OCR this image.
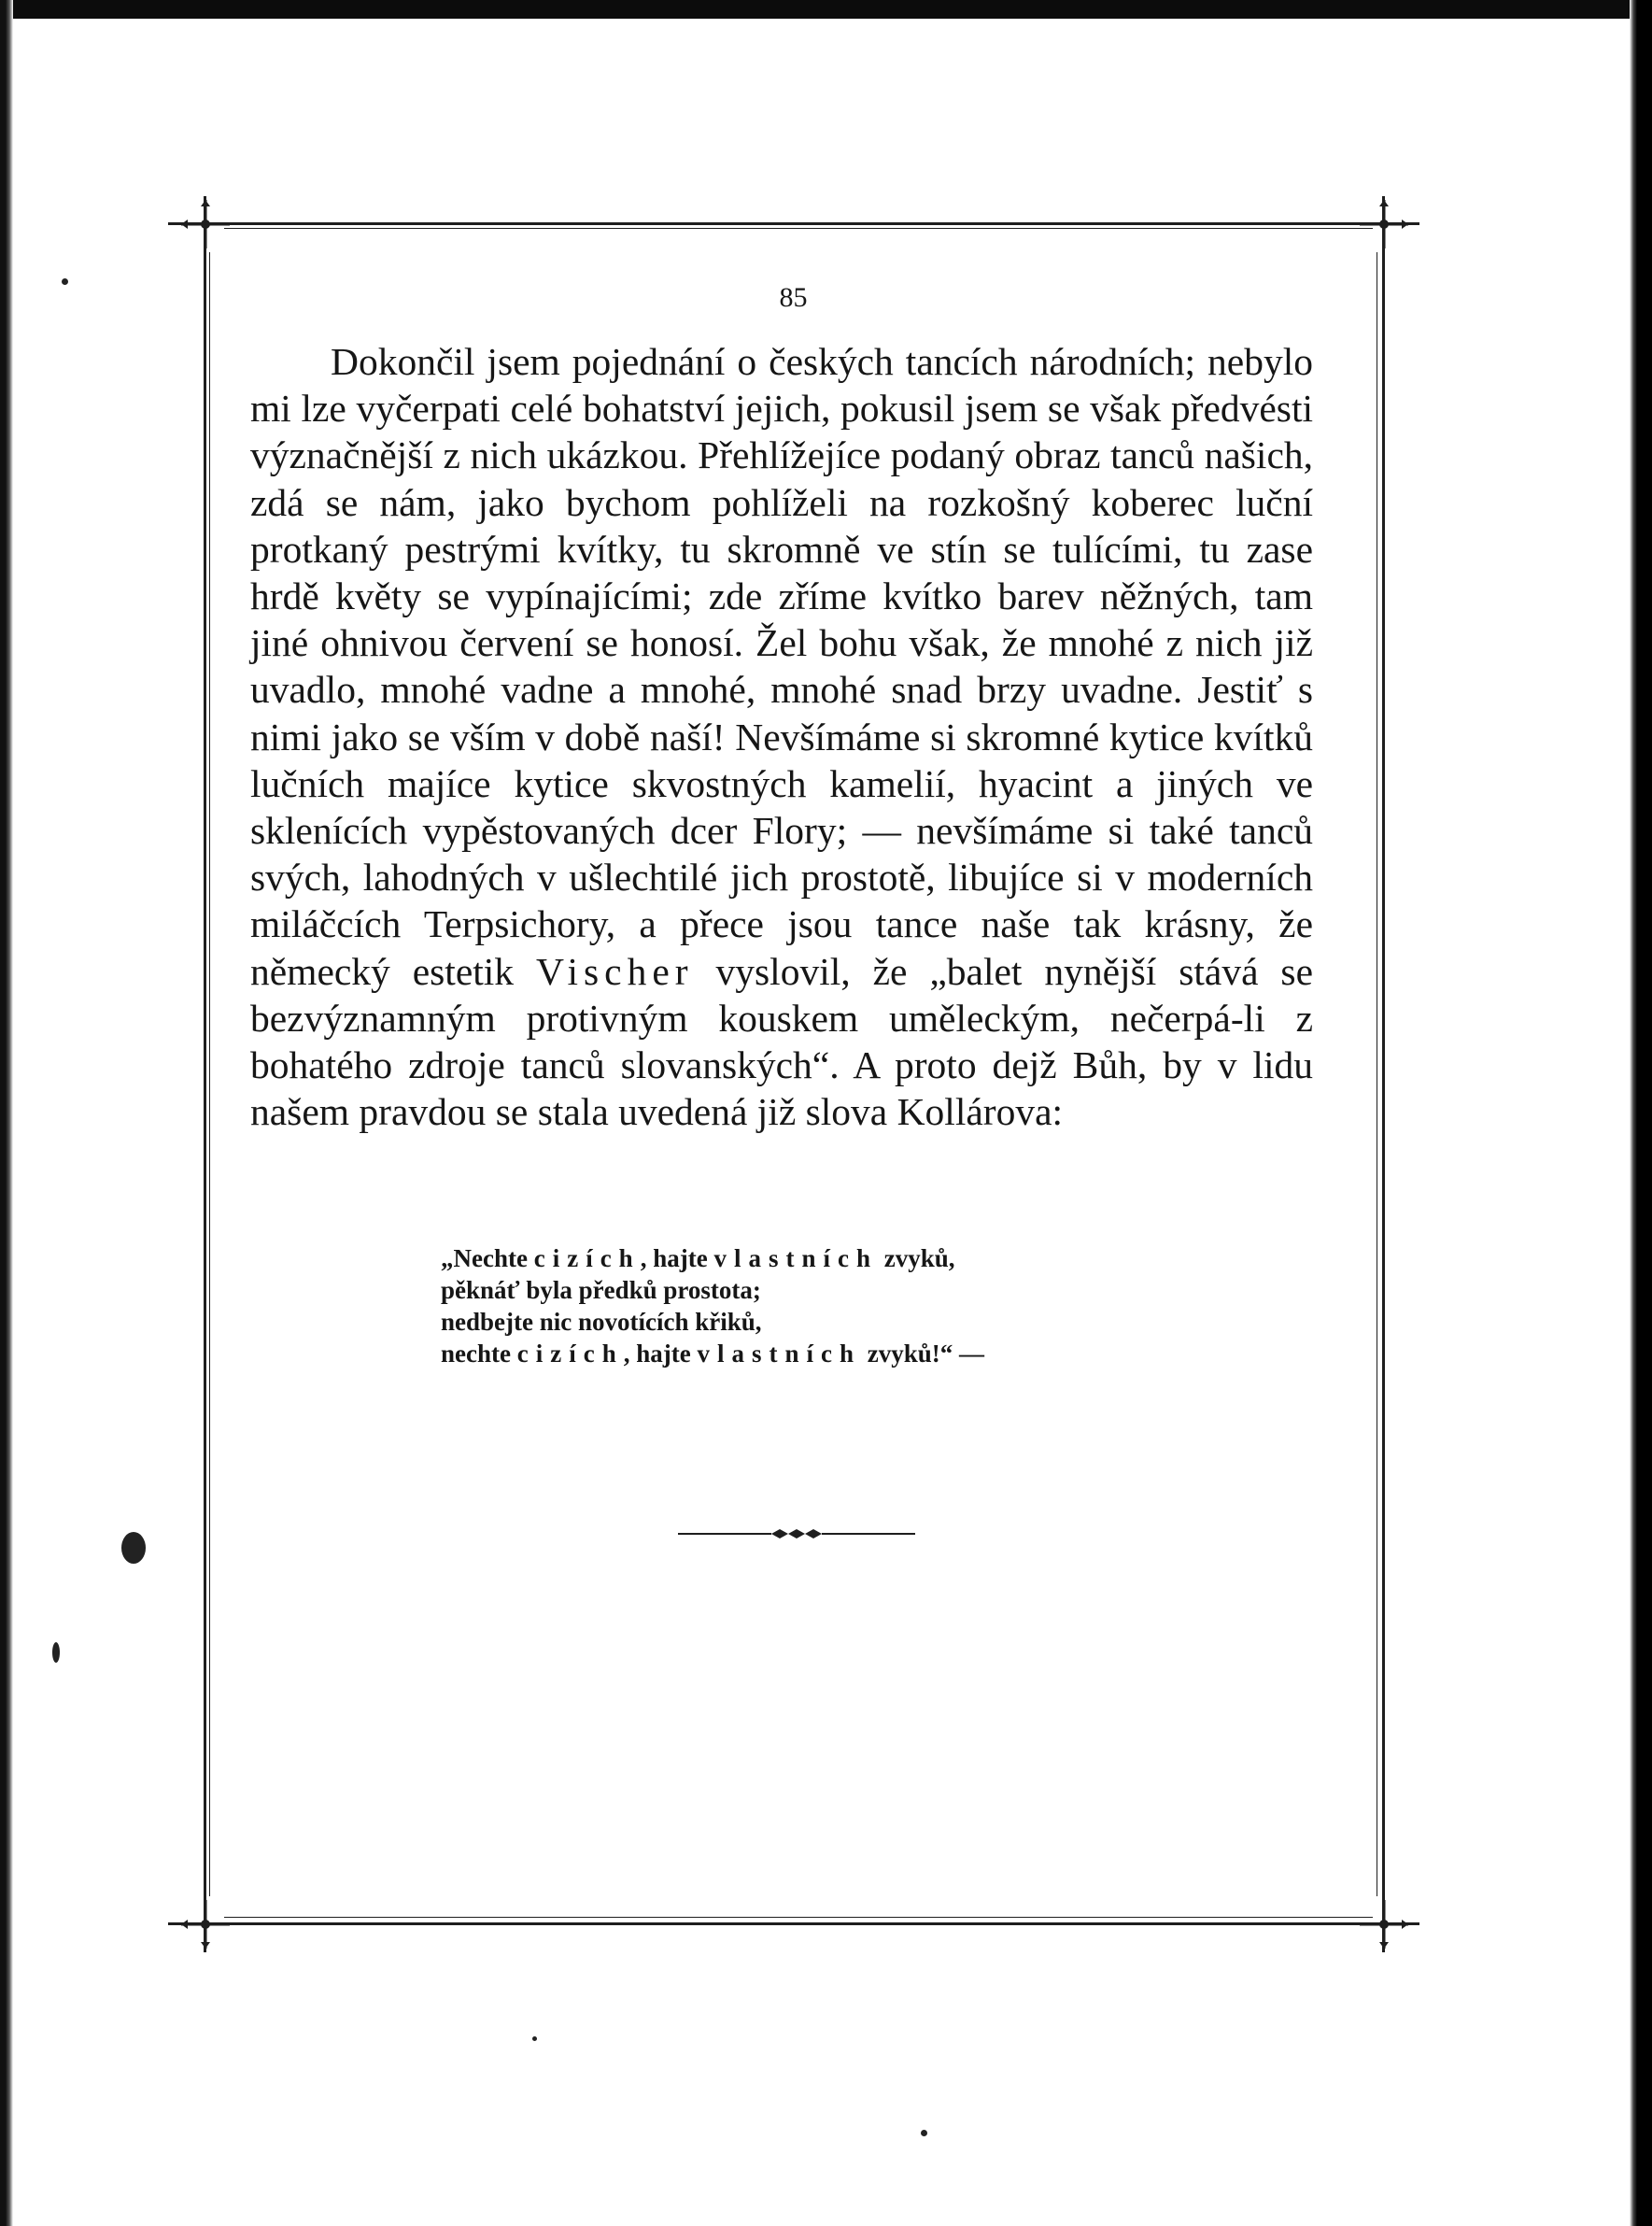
85

Dokončil jsem pojednání o českých tancích národních; nebylo mi lze vyčerpati celé bohatství jejich, pokusil jsem se však předvésti význačnější z nich ukázkou. Přehlížejíce podaný obraz tanců našich, zdá se nám, jako bychom pohlíželi na rozkošný koberec luční protkaný pestrými kvítky, tu skromně ve stín se tulícími, tu zase hrdě květy se vypínajícími; zde zříme kvítko barev něžných, tam jiné ohnivou červení se honosí. Žel bohu však, že mnohé z nich již uvadlo, mnohé vadne a mnohé, mnohé snad brzy uvadne. Jestiť s nimi jako se vším v době naší! Nevšímáme si skromné kytice kvítků lučních majíce kytice skvostných kamelií, hyacint a jiných ve sklenících vypěstovaných dcer Flory; — nevšímáme si také tanců svých, lahodných v ušlechtilé jich prostotě, libujíce si v moderních miláčcích Terpsichory, a přece jsou tance naše tak krásny, že německý estetik Vischer vyslovil, že „balet nynější stává se bezvýznamným protivným kouskem uměleckým, nečerpá-li z bohatého zdroje tanců slovanských“. A proto dejž Bůh, by v lidu našem pravdou se stala uvedená již slova Kollárova:

„Nechte cizích, hajte vlastních zvyků,
pěknáť byla předků prostota;
nedbejte nic novotících křiků,
nechte cizích, hajte vlastních zvyků!“ —
